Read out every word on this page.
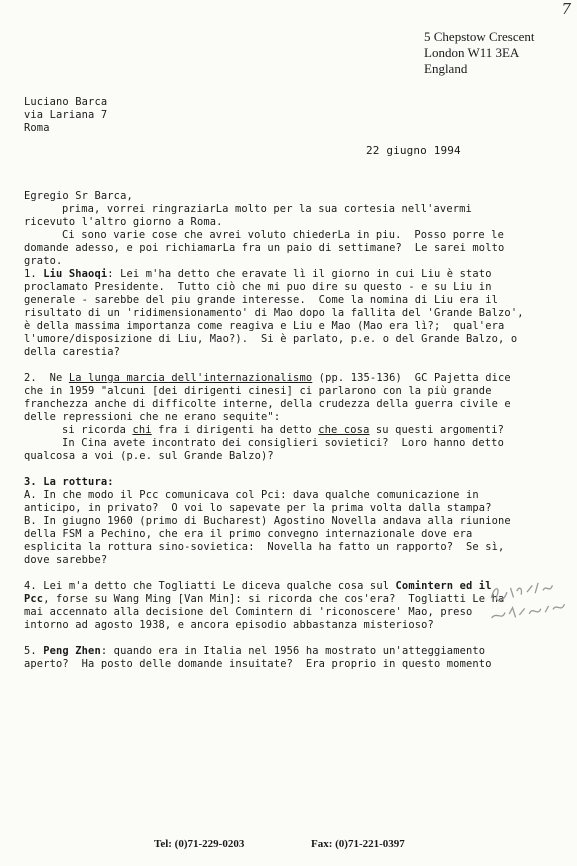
7
5 Chepstow Crescent
London W11 3EA
England
Luciano Barca
via Lariana 7
Roma
22 giugno 1994
Egregio Sr Barca,
prima, vorrei ringraziarLa molto per la sua cortesia nell'avermi
ricevuto l'altro giorno a Roma.
Ci sono varie cose che avrei voluto chiederLa in piu.  Posso porre le
domande adesso, e poi richiamarLa fra un paio di settimane?  Le sarei molto
grato.
1. Liu Shaoqi: Lei m'ha detto che eravate lì il giorno in cui Liu è stato
proclamato Presidente.  Tutto ciò che mi puo dire su questo - e su Liu in
generale - sarebbe del piu grande interesse.  Come la nomina di Liu era il
risultato di un 'ridimensionamento' di Mao dopo la fallita del 'Grande Balzo',
è della massima importanza come reagiva e Liu e Mao (Mao era lì?;  qual'era
l'umore/disposizione di Liu, Mao?).  Si è parlato, p.e. o del Grande Balzo, o
della carestia?
2.  Ne La lunga marcia dell'internazionalismo (pp. 135-136)  GC Pajetta dice
che in 1959 "alcuni [dei dirigenti cinesi] ci parlarono con la più grande
franchezza anche di difficolte interne, della crudezza della guerra civile e
delle repressioni che ne erano sequite":
si ricorda chi fra i dirigenti ha detto che cosa su questi argomenti?
In Cina avete incontrato dei consiglieri sovietici?  Loro hanno detto
qualcosa a voi (p.e. sul Grande Balzo)?
3. La rottura:
A. In che modo il Pcc comunicava col Pci: dava qualche comunicazione in
anticipo, in privato?  O voi lo sapevate per la prima volta dalla stampa?
B. In giugno 1960 (primo di Bucharest) Agostino Novella andava alla riunione
della FSM a Pechino, che era il primo convegno internazionale dove era
esplicita la rottura sino-sovietica:  Novella ha fatto un rapporto?  Se sì,
dove sarebbe?
4. Lei m'a detto che Togliatti Le diceva qualche cosa sul Comintern ed il
Pcc, forse su Wang Ming [Van Min]: si ricorda che cos'era?  Togliatti Le ha
mai accennato alla decisione del Comintern di 'riconoscere' Mao, preso
intorno ad agosto 1938, e ancora episodio abbastanza misterioso?
5. Peng Zhen: quando era in Italia nel 1956 ha mostrato un'atteggiamento
aperto?  Ha posto delle domande insuitate?  Era proprio in questo momento
Tel: (0)71-229-0203	Fax: (0)71-221-0397
